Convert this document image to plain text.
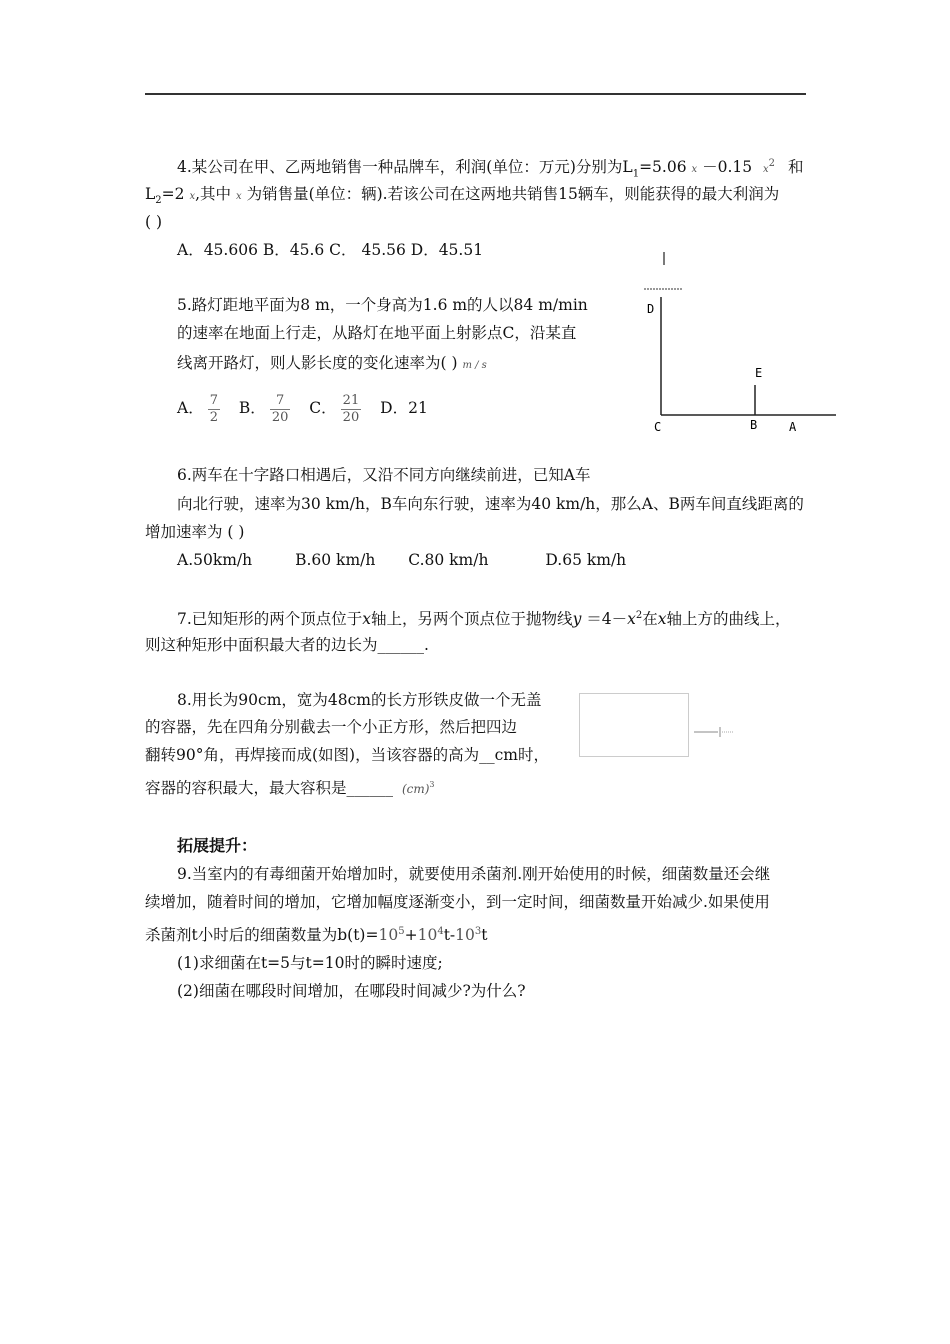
4.某公司在甲、乙两地销售一种品牌车，利润(单位：万元)分别为$L_1=5.06$ x －0.15 $x^2$ 和
$L_2=2$ x,其中 x 为销售量(单位：辆).若该公司在这两地共销售15辆车，则能获得的最大利润为
( )
A．45.606 B．45.6 C． 45.56 D．45.51
5.路灯距地平面为8 m，一个身高为1.6 m的人以84 m/min
的速率在地面上行走，从路灯在地平面上射影点C，沿某直
线离开路灯，则人影长度的变化速率为( ) m / s
A． $\frac{7}{2}$ B． $\frac{7}{20}$ C． $\frac{21}{20}$ D．21
D
E
C	B	A
6.两车在十字路口相遇后，又沿不同方向继续前进，已知A车
向北行驶，速率为30 km/h，B车向东行驶，速率为40 km/h，那么A、B两车间直线距离的
增加速率为 ( )
A.50km/h	B.60 km/h C.80 km/h	D.65 km/h
7.已知矩形的两个顶点位于x轴上，另两个顶点位于抛物线$y =4-x^2$在x轴上方的曲线上，
则这种矩形中面积最大者的边长为______.
8.用长为90cm，宽为48cm的长方形铁皮做一个无盖
的容器，先在四角分别截去一个小正方形，然后把四边
翻转90°角，再焊接而成(如图)，当该容器的高为__cm时，
容器的容积最大，最大容积是______ (cm)$^3$
拓展提升：
9.当室内的有毒细菌开始增加时，就要使用杀菌剂.刚开始使用的时候，细菌数量还会继
续增加，随着时间的增加，它增加幅度逐渐变小，到一定时间，细菌数量开始减少.如果使用
杀菌剂t小时后的细菌数量为$b(t)=10^5+10^4t-10^3t$
(1)求细菌在t=5与t=10时的瞬时速度;
(2)细菌在哪段时间增加，在哪段时间减少?为什么?
